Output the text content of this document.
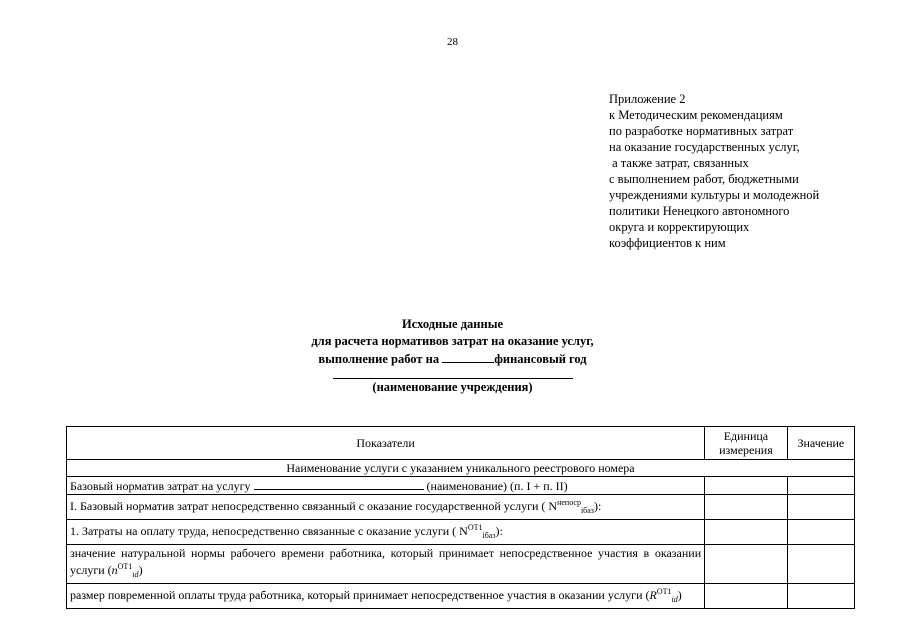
28
Приложение 2
к Методическим рекомендациям
по разработке нормативных затрат
на оказание государственных услуг,
а также затрат, связанных
с выполнением работ, бюджетными
учреждениями культуры и молодежной
политики Ненецкого автономного
округа и корректирующих
коэффициентов к ним
Исходные данные
для расчета нормативов затрат на оказание услуг,
выполнение работ на	финансовый год
(наименование учреждения)
Показатели	Единица измерения	Значение
Наименование услуги с указанием уникального реестрового номера		
Базовый норматив затрат на услугу (наименование) (п. I + п. II)		
I. Базовый норматив затрат непосредственно связанный с оказание государственной услуги ( $N^{непоср}_{iбаз}$):		
1. Затраты на оплату труда, непосредственно связанные с оказание услуги ( $N^{ОТ1}_{iбаз}$):		
значение натуральной нормы рабочего времени работника, который принимает непосредственное участия в оказании услуги $(n^{ОТ1}_{id})$		
размер повременной оплаты труда работника, который принимает непосредственное участия в оказании услуги $(R^{ОТ1}_{id})$		
